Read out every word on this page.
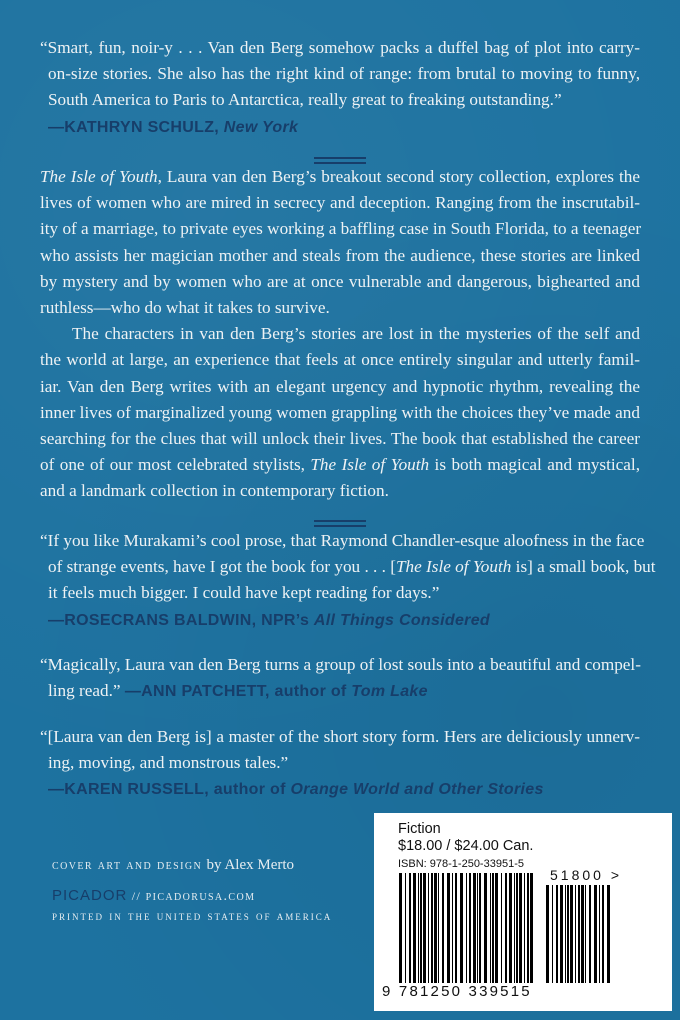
“Smart, fun, noir-y . . . Van den Berg somehow packs a duffel bag of plot into carry-
on-size stories. She also has the right kind of range: from brutal to moving to funny,
South America to Paris to Antarctica, really great to freaking outstanding.”
—KATHRYN SCHULZ, New York
The Isle of Youth, Laura van den Berg’s breakout second story collection, explores the
lives of women who are mired in secrecy and deception. Ranging from the inscrutabil-
ity of a marriage, to private eyes working a baffling case in South Florida, to a teenager
who assists her magician mother and steals from the audience, these stories are linked
by mystery and by women who are at once vulnerable and dangerous, bighearted and
ruthless—who do what it takes to survive.
The characters in van den Berg’s stories are lost in the mysteries of the self and
the world at large, an experience that feels at once entirely singular and utterly famil-
iar. Van den Berg writes with an elegant urgency and hypnotic rhythm, revealing the
inner lives of marginalized young women grappling with the choices they’ve made and
searching for the clues that will unlock their lives. The book that established the career
of one of our most celebrated stylists, The Isle of Youth is both magical and mystical,
and a landmark collection in contemporary fiction.
“If you like Murakami’s cool prose, that Raymond Chandler-esque aloofness in the face
of strange events, have I got the book for you . . . [The Isle of Youth is] a small book, but
it feels much bigger. I could have kept reading for days.”
—ROSECRANS BALDWIN, NPR’s All Things Considered
“Magically, Laura van den Berg turns a group of lost souls into a beautiful and compel-
ling read.” —ANN PATCHETT, author of Tom Lake
“[Laura van den Berg is] a master of the short story form. Hers are deliciously unnerv-
ing, moving, and monstrous tales.”
—KAREN RUSSELL, author of Orange World and Other Stories
cover art and design by Alex Merto
PICADOR // picadorusa.com
printed in the united states of america
Fiction
$18.00 / $24.00 Can.
ISBN: 978-1-250-33951-5
51800 >
9 781250 339515
